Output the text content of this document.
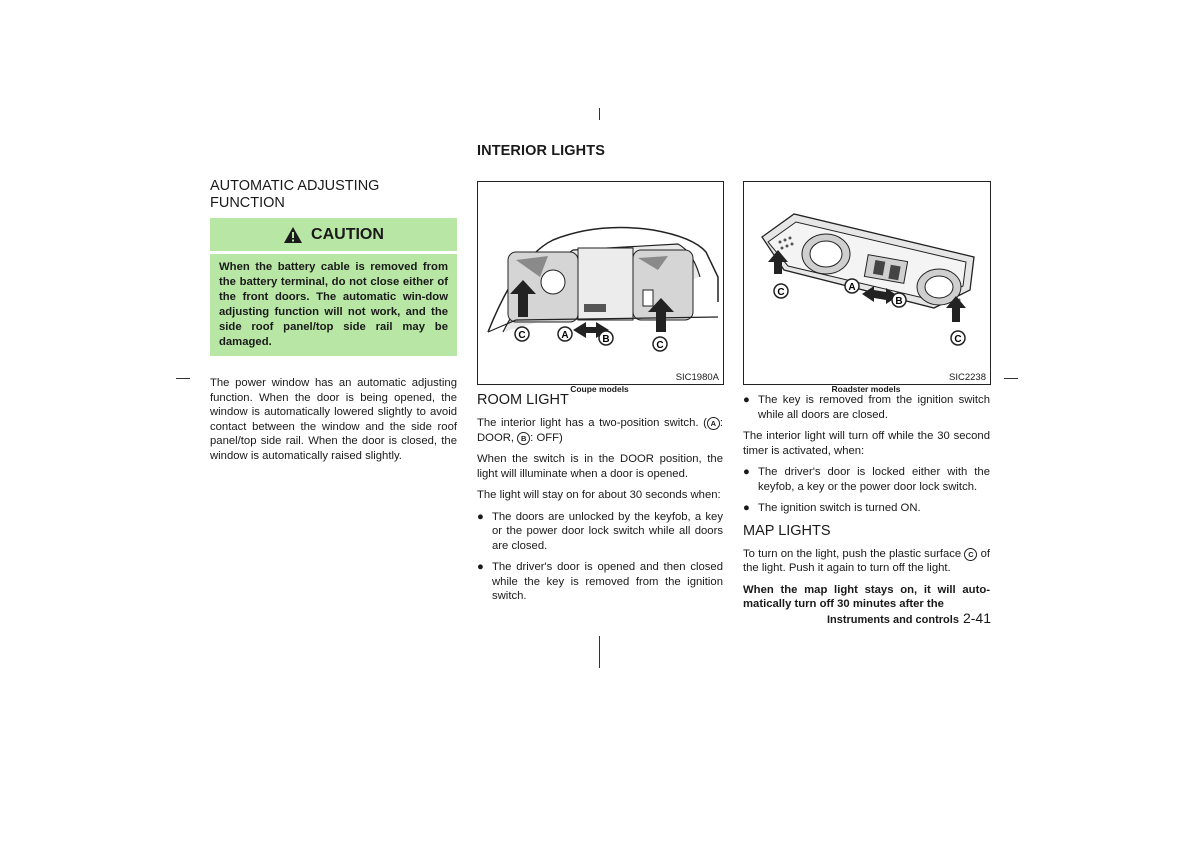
INTERIOR LIGHTS
AUTOMATIC ADJUSTING FUNCTION
CAUTION
When the battery cable is removed from the battery terminal, do not close either of the front doors. The automatic win-dow adjusting function will not work, and the side roof panel/top side rail may be damaged.
The power window has an automatic adjusting function. When the door is being opened, the window is automatically lowered slightly to avoid contact between the window and the side roof panel/top side rail. When the door is closed, the window is automatically raised slightly.
C	A	B
C
SIC1980A
Coupe models
C	A
B
C
SIC2238
Roadster models
ROOM LIGHT

The interior light has a two-position switch. ( A : DOOR, B : OFF)

When the switch is in the DOOR position, the light will illuminate when a door is opened.

The light will stay on for about 30 seconds when:

● The doors are unlocked by the keyfob, a key or the power door lock switch while all doors are closed.
● The driver's door is opened and then closed while the key is removed from the ignition switch.
● The key is removed from the ignition switch while all doors are closed.

The interior light will turn off while the 30 second timer is activated, when:

● The driver's door is locked either with the keyfob, a key or the power door lock switch.
● The ignition switch is turned ON.
MAP LIGHTS

To turn on the light, push the plastic surface C of the light. Push it again to turn off the light.

When the map light stays on, it will auto-matically turn off 30 minutes after the

Instruments and controls 2-41
